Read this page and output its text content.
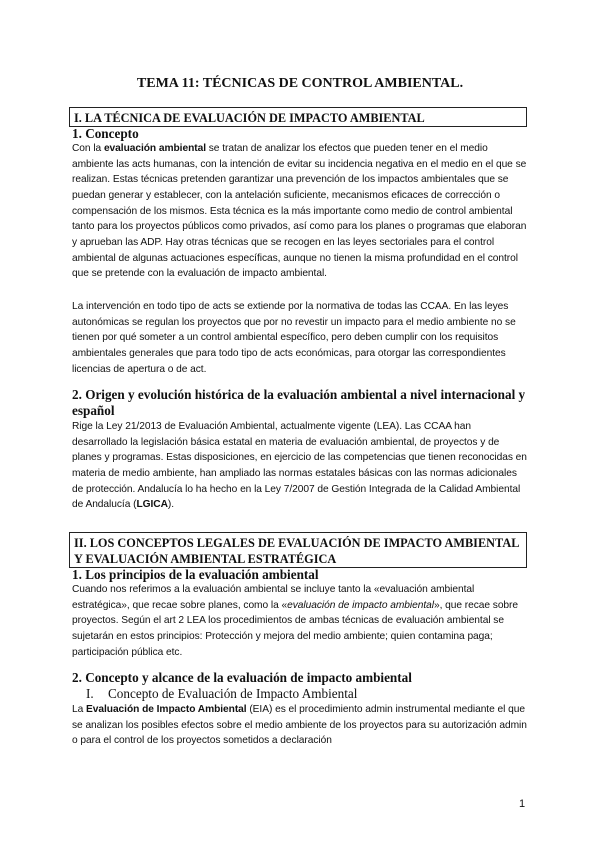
TEMA 11: TÉCNICAS DE CONTROL AMBIENTAL.
I. LA TÉCNICA DE EVALUACIÓN DE IMPACTO AMBIENTAL
1. Concepto
Con la evaluación ambiental se tratan de analizar los efectos que pueden tener en el medio ambiente las acts humanas, con la intención de evitar su incidencia negativa en el medio en el que se realizan. Estas técnicas pretenden garantizar una prevención de los impactos ambientales que se puedan generar y establecer, con la antelación suficiente, mecanismos eficaces de corrección o compensación de los mismos. Esta técnica es la más importante como medio de control ambiental tanto para los proyectos públicos como privados, así como para los planes o programas que elaboran y aprueban las ADP. Hay otras técnicas que se recogen en las leyes sectoriales para el control ambiental de algunas actuaciones específicas, aunque no tienen la misma profundidad en el control que se pretende con la evaluación de impacto ambiental.
La intervención en todo tipo de acts se extiende por la normativa de todas las CCAA. En las leyes autonómicas se regulan los proyectos que por no revestir un impacto para el medio ambiente no se tienen por qué someter a un control ambiental específico, pero deben cumplir con los requisitos ambientales generales que para todo tipo de acts económicas, para otorgar las correspondientes licencias de apertura o de act.
2. Origen y evolución histórica de la evaluación ambiental a nivel internacional y español
Rige la Ley 21/2013 de Evaluación Ambiental, actualmente vigente (LEA). Las CCAA han desarrollado la legislación básica estatal en materia de evaluación ambiental, de proyectos y de planes y programas. Estas disposiciones, en ejercicio de las competencias que tienen reconocidas en materia de medio ambiente, han ampliado las normas estatales básicas con las normas adicionales de protección. Andalucía lo ha hecho en la Ley 7/2007 de Gestión Integrada de la Calidad Ambiental de Andalucía (LGICA).
II. LOS CONCEPTOS LEGALES DE EVALUACIÓN DE IMPACTO AMBIENTAL Y EVALUACIÓN AMBIENTAL ESTRATÉGICA
1. Los principios de la evaluación ambiental
Cuando nos referimos a la evaluación ambiental se incluye tanto la «evaluación ambiental estratégica», que recae sobre planes, como la «evaluación de impacto ambiental», que recae sobre proyectos. Según el art 2 LEA los procedimientos de ambas técnicas de evaluación ambiental se sujetarán en estos principios: Protección y mejora del medio ambiente; quien contamina paga; participación pública etc.
2. Concepto y alcance de la evaluación de impacto ambiental
I. Concepto de Evaluación de Impacto Ambiental
La Evaluación de Impacto Ambiental (EIA) es el procedimiento admin instrumental mediante el que se analizan los posibles efectos sobre el medio ambiente de los proyectos para su autorización admin o para el control de los proyectos sometidos a declaración
1
